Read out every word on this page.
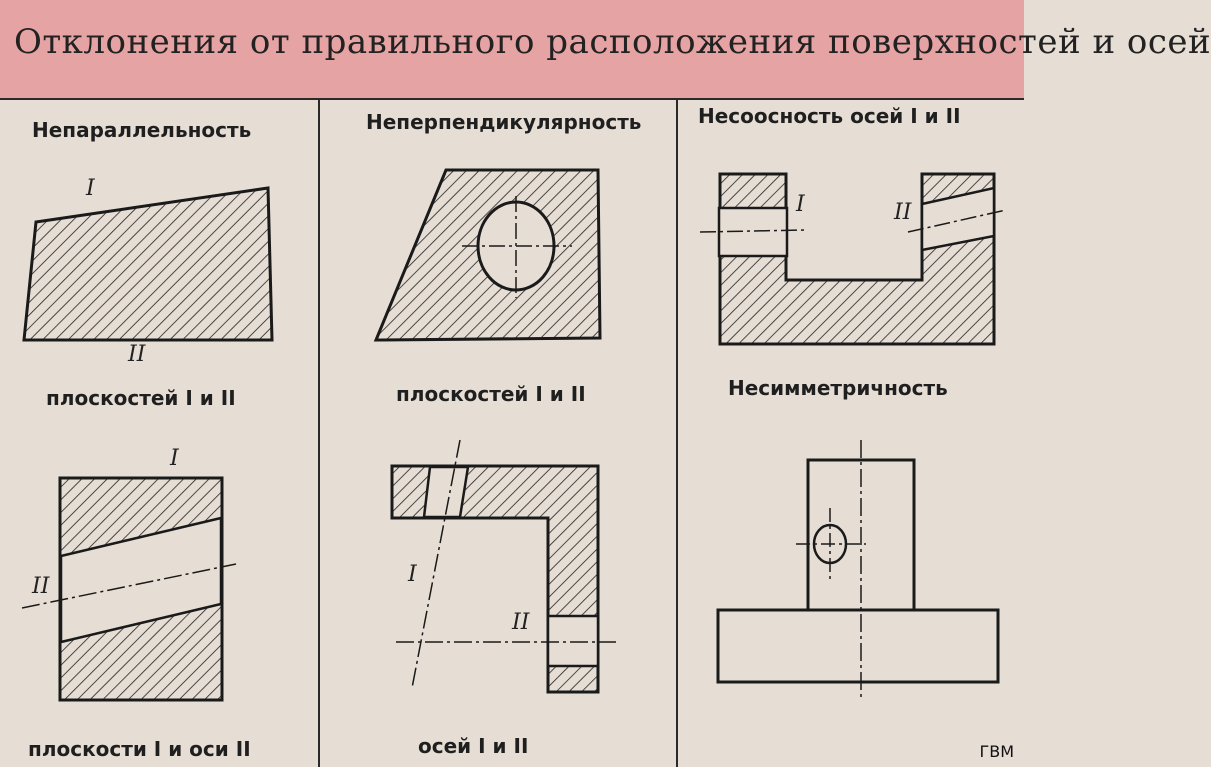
Отклонения от правильного расположения поверхностей и осей
Непараллельность
плоскостей I и II
I
II
Неперпендикулярность
плоскостей I и II
Несоосность осей I и II
I	II
плоскости I и оси II
I
II
осей I и II
I
II
Несимметричность
ГВМ
